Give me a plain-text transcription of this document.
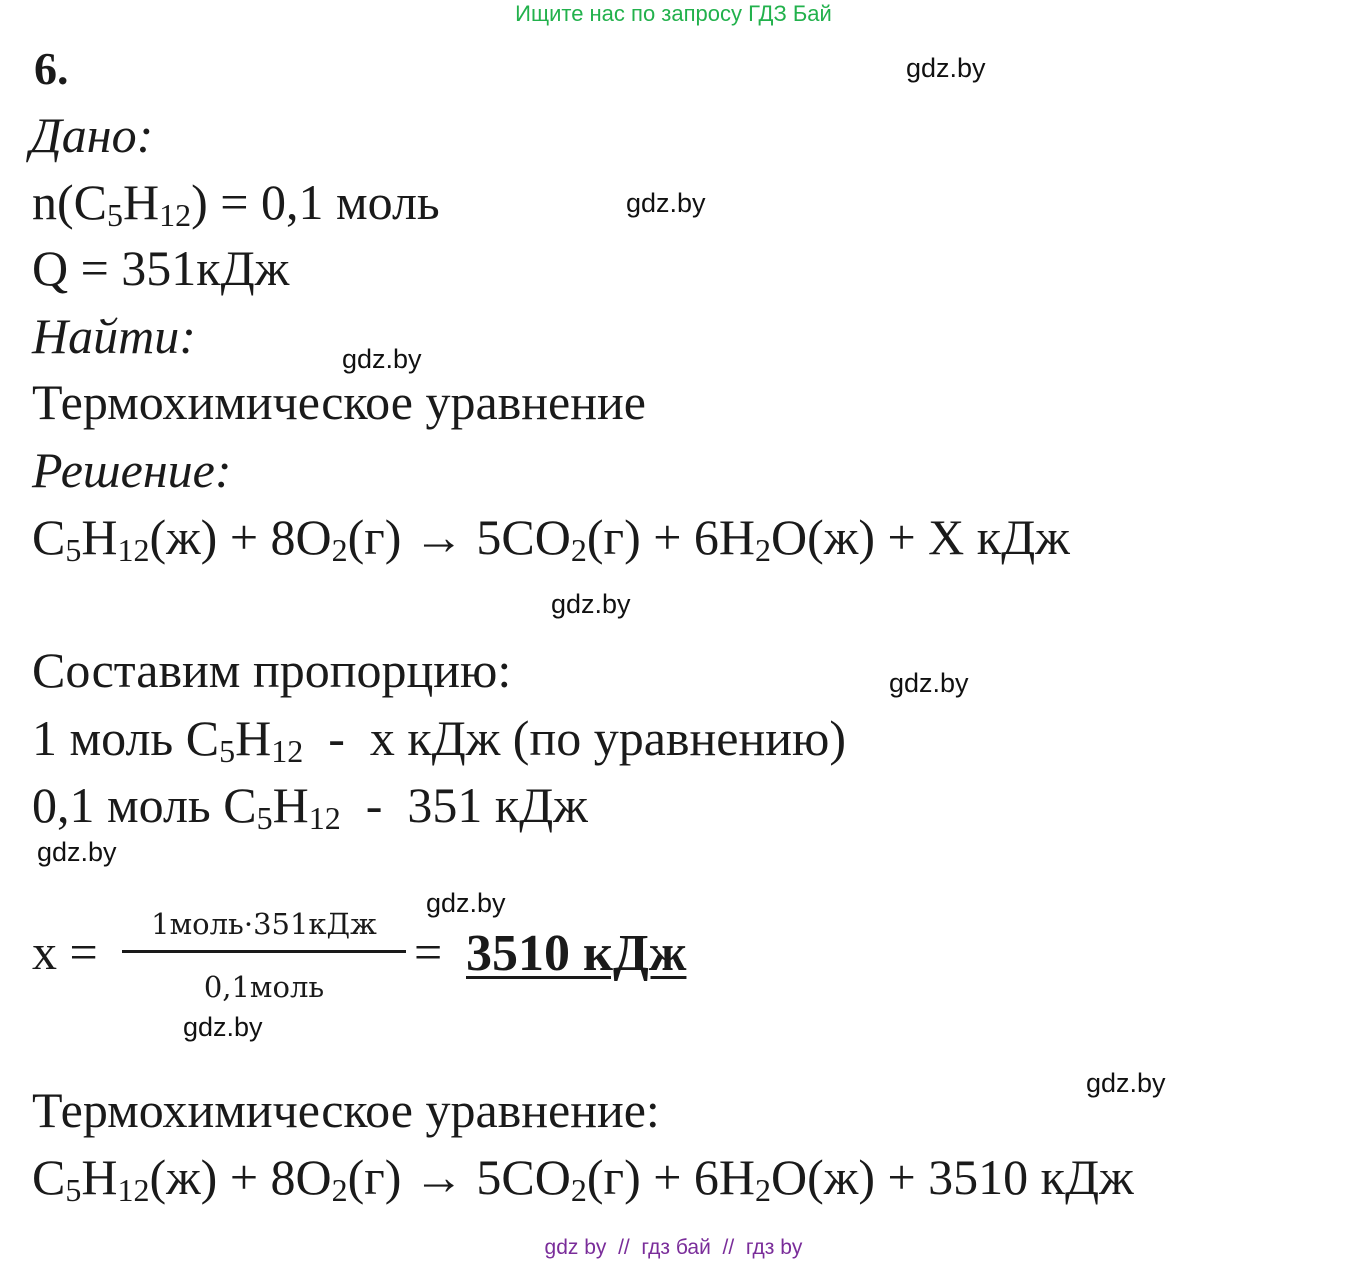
Ищите нас по запросу ГДЗ Бай
6.	gdz.by
gdz.by
gdz.by
gdz.by
gdz.by
gdz.by
gdz.by
gdz.by
gdz.by
Дано:
$n(C_5H_{12}) = 0,1$ моль
Q = 351кДж
Найти:
Термохимическое уравнение
Решение:
$C_5H_{12}(ж) + 8O_2(г) \to 5CO_2(г) + 6H_2O(ж) + X$ кДж
Составим пропорцию:
1 моль $C_5H_{12}$  -  x кДж (по уравнению)
0,1 моль $C_5H_{12} - 351$ кДж
x =	1моль·351кДж
0,1моль
= 3510 кДж
Термохимическое уравнение:
$C_5H_{12}(ж) + 8O_2(г) \to 5CO_2(г) + 6H_2O(ж) + 3510$ кДж
gdz by  //  гдз бай  //  гдз by
